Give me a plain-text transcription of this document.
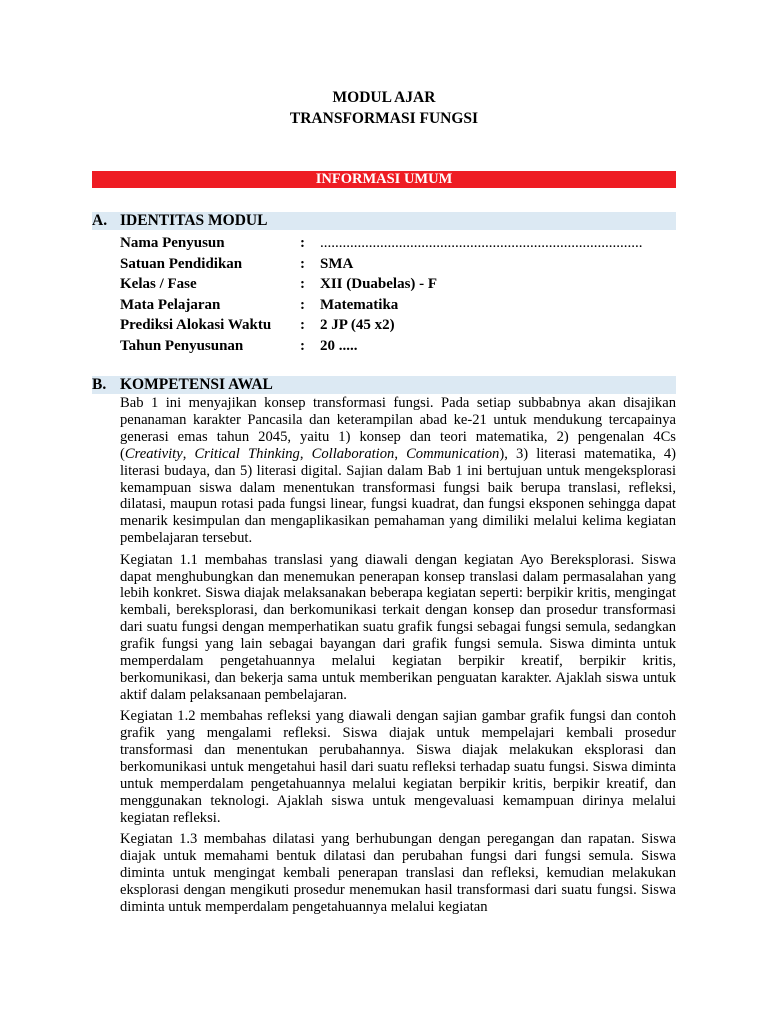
MODUL AJAR
TRANSFORMASI FUNGSI
INFORMASI UMUM
A. IDENTITAS MODUL
Nama Penyusun	: ......................................................................................
Satuan Pendidikan	: SMA
Kelas / Fase	: XII (Duabelas) - F
Mata Pelajaran	: Matematika
Prediksi Alokasi Waktu : 2 JP (45 x2)
Tahun Penyusunan	: 20 .....
B. KOMPETENSI AWAL

Bab 1 ini menyajikan konsep transformasi fungsi. Pada setiap subbabnya akan disajikan penanaman karakter Pancasila dan keterampilan abad ke-21 untuk mendukung tercapainya generasi emas tahun 2045, yaitu 1) konsep dan teori matematika, 2) pengenalan 4Cs (Creativity, Critical Thinking, Collaboration, Communication), 3) literasi matematika, 4) literasi budaya, dan 5) literasi digital. Sajian dalam Bab 1 ini bertujuan untuk mengeksplorasi kemampuan siswa dalam menentukan transformasi fungsi baik berupa translasi, refleksi, dilatasi, maupun rotasi pada fungsi linear, fungsi kuadrat, dan fungsi eksponen sehingga dapat menarik kesimpulan dan mengaplikasikan pemahaman yang dimiliki melalui kelima kegiatan pembelajaran tersebut.

Kegiatan 1.1 membahas translasi yang diawali dengan kegiatan Ayo Bereksplorasi. Siswa dapat menghubungkan dan menemukan penerapan konsep translasi dalam permasalahan yang lebih konkret. Siswa diajak melaksanakan beberapa kegiatan seperti: berpikir kritis, mengingat kembali, bereksplorasi, dan berkomunikasi terkait dengan konsep dan prosedur transformasi dari suatu fungsi dengan memperhatikan suatu grafik fungsi sebagai fungsi semula, sedangkan grafik fungsi yang lain sebagai bayangan dari grafik fungsi semula. Siswa diminta untuk memperdalam pengetahuannya melalui kegiatan berpikir kreatif, berpikir kritis, berkomunikasi, dan bekerja sama untuk memberikan penguatan karakter. Ajaklah siswa untuk aktif dalam pelaksanaan pembelajaran.

Kegiatan 1.2 membahas refleksi yang diawali dengan sajian gambar grafik fungsi dan contoh grafik yang mengalami refleksi. Siswa diajak untuk mempelajari kembali prosedur transformasi dan menentukan perubahannya. Siswa diajak melakukan eksplorasi dan berkomunikasi untuk mengetahui hasil dari suatu refleksi terhadap suatu fungsi. Siswa diminta untuk memperdalam pengetahuannya melalui kegiatan berpikir kritis, berpikir kreatif, dan menggunakan teknologi. Ajaklah siswa untuk mengevaluasi kemampuan dirinya melalui kegiatan refleksi.

Kegiatan 1.3 membahas dilatasi yang berhubungan dengan peregangan dan rapatan. Siswa diajak untuk memahami bentuk dilatasi dan perubahan fungsi dari fungsi semula. Siswa diminta untuk mengingat kembali penerapan translasi dan refleksi, kemudian melakukan eksplorasi dengan mengikuti prosedur menemukan hasil transformasi dari suatu fungsi. Siswa diminta untuk memperdalam pengetahuannya melalui kegiatan
